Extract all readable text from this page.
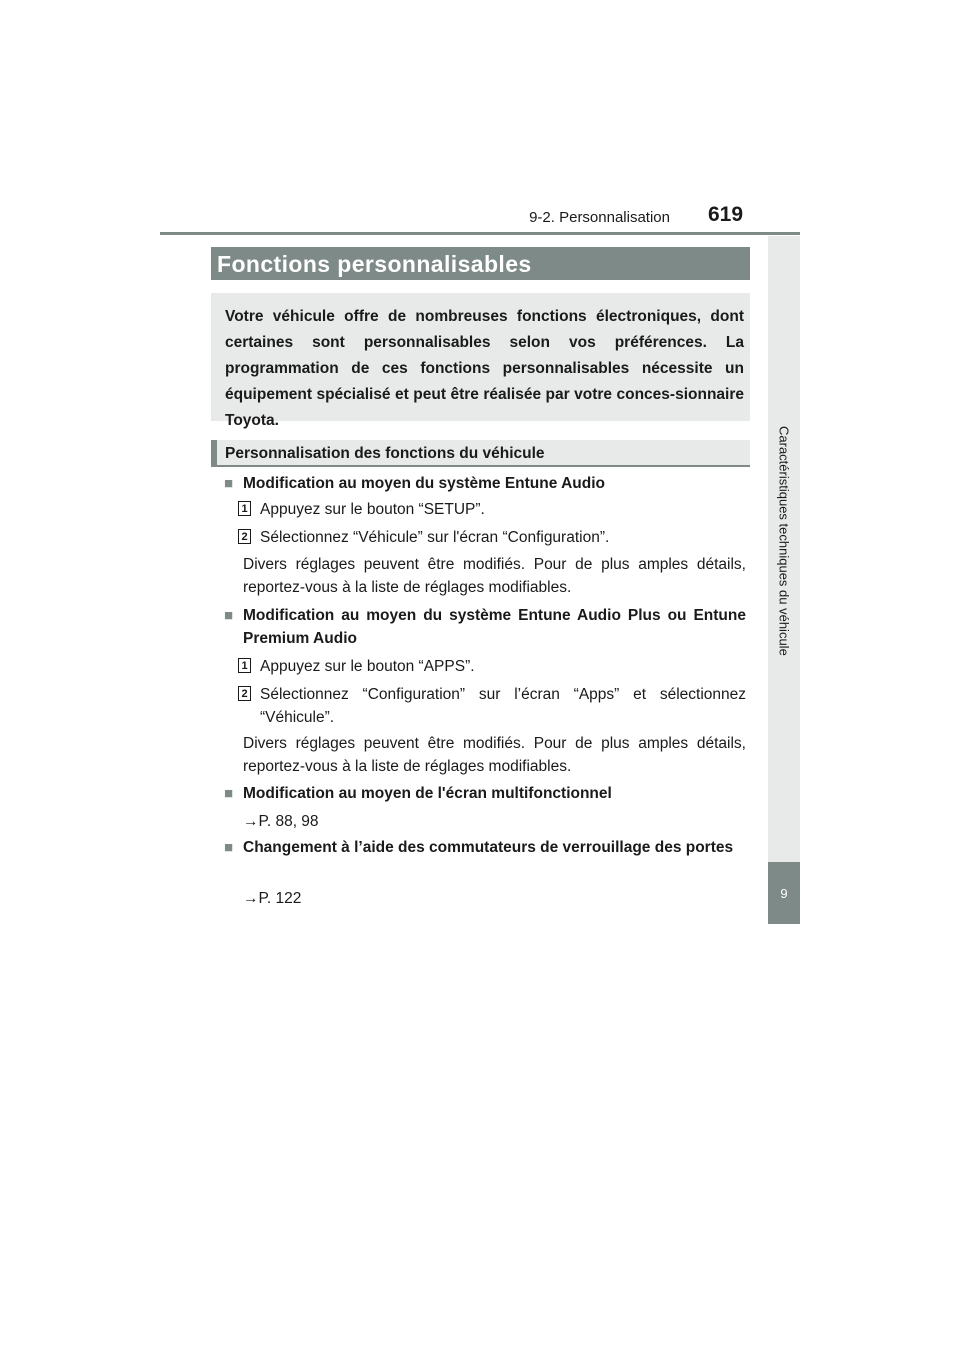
9-2. Personnalisation 619
Caractéristiques techniques du véhicule
9
Fonctions personnalisables
Votre véhicule offre de nombreuses fonctions électroniques, dont certaines sont personnalisables selon vos préférences. La programmation de ces fonctions personnalisables nécessite un équipement spécialisé et peut être réalisée par votre conces-sionnaire Toyota.
Personnalisation des fonctions du véhicule
■ Modification au moyen du système Entune Audio
1 Appuyez sur le bouton “SETUP”.
2 Sélectionnez “Véhicule” sur l'écran “Configuration”.
Divers réglages peuvent être modifiés. Pour de plus amples détails, reportez-vous à la liste de réglages modifiables.
■ Modification au moyen du système Entune Audio Plus ou Entune Premium Audio
1 Appuyez sur le bouton “APPS”.
2 Sélectionnez “Configuration” sur l’écran “Apps” et sélectionnez “Véhicule”.
Divers réglages peuvent être modifiés. Pour de plus amples détails, reportez-vous à la liste de réglages modifiables.
■ Modification au moyen de l'écran multifonctionnel
→P. 88, 98
■ Changement à l’aide des commutateurs de verrouillage des portes
→P. 122
